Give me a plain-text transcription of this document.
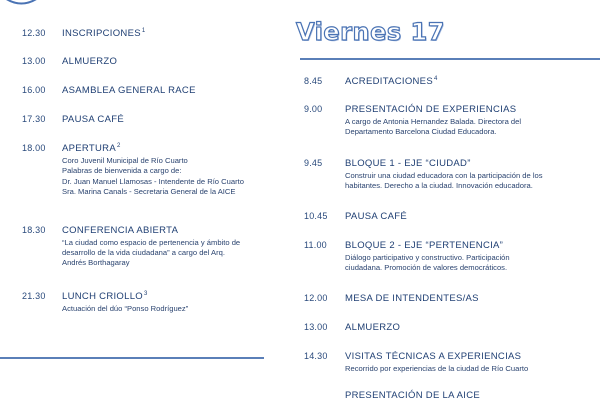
12.30 INSCRIPCIONES$^1$
13.00 ALMUERZO
16.00 ASAMBLEA GENERAL RACE
17.30 PAUSA CAFÉ
18.00 APERTURA$^2$
Coro Juvenil Municipal de Río Cuarto
Palabras de bienvenida a cargo de:
Dr. Juan Manuel Llamosas - Intendente de Río Cuarto
Sra. Marina Canals - Secretaria General de la AICE
18.30 CONFERENCIA ABIERTA
“La ciudad como espacio de pertenencia y ámbito de
desarrollo de la vida ciudadana” a cargo del Arq.
Andrés Borthagaray
21.30 LUNCH CRIOLLO$^3$
Actuación del dúo “Ponso Rodríguez”
Viernes 17
8.45 ACREDITACIONES$^4$
9.00 PRESENTACIÓN DE EXPERIENCIAS
A cargo de Antonia Hernandez Balada. Directora del
Departamento Barcelona Ciudad Educadora.
9.45 BLOQUE 1 - EJE “CIUDAD”
Construir una ciudad educadora con la participación de los
habitantes. Derecho a la ciudad. Innovación educadora.
10.45 PAUSA CAFÉ
11.00 BLOQUE 2 - EJE “PERTENENCIA”
Diálogo participativo y constructivo. Participación
ciudadana. Promoción de valores democráticos.
12.00 MESA DE INTENDENTES/AS
13.00 ALMUERZO
14.30 VISITAS TÉCNICAS A EXPERIENCIAS
Recorrido por experiencias de la ciudad de Río Cuarto
PRESENTACIÓN DE LA AICE
